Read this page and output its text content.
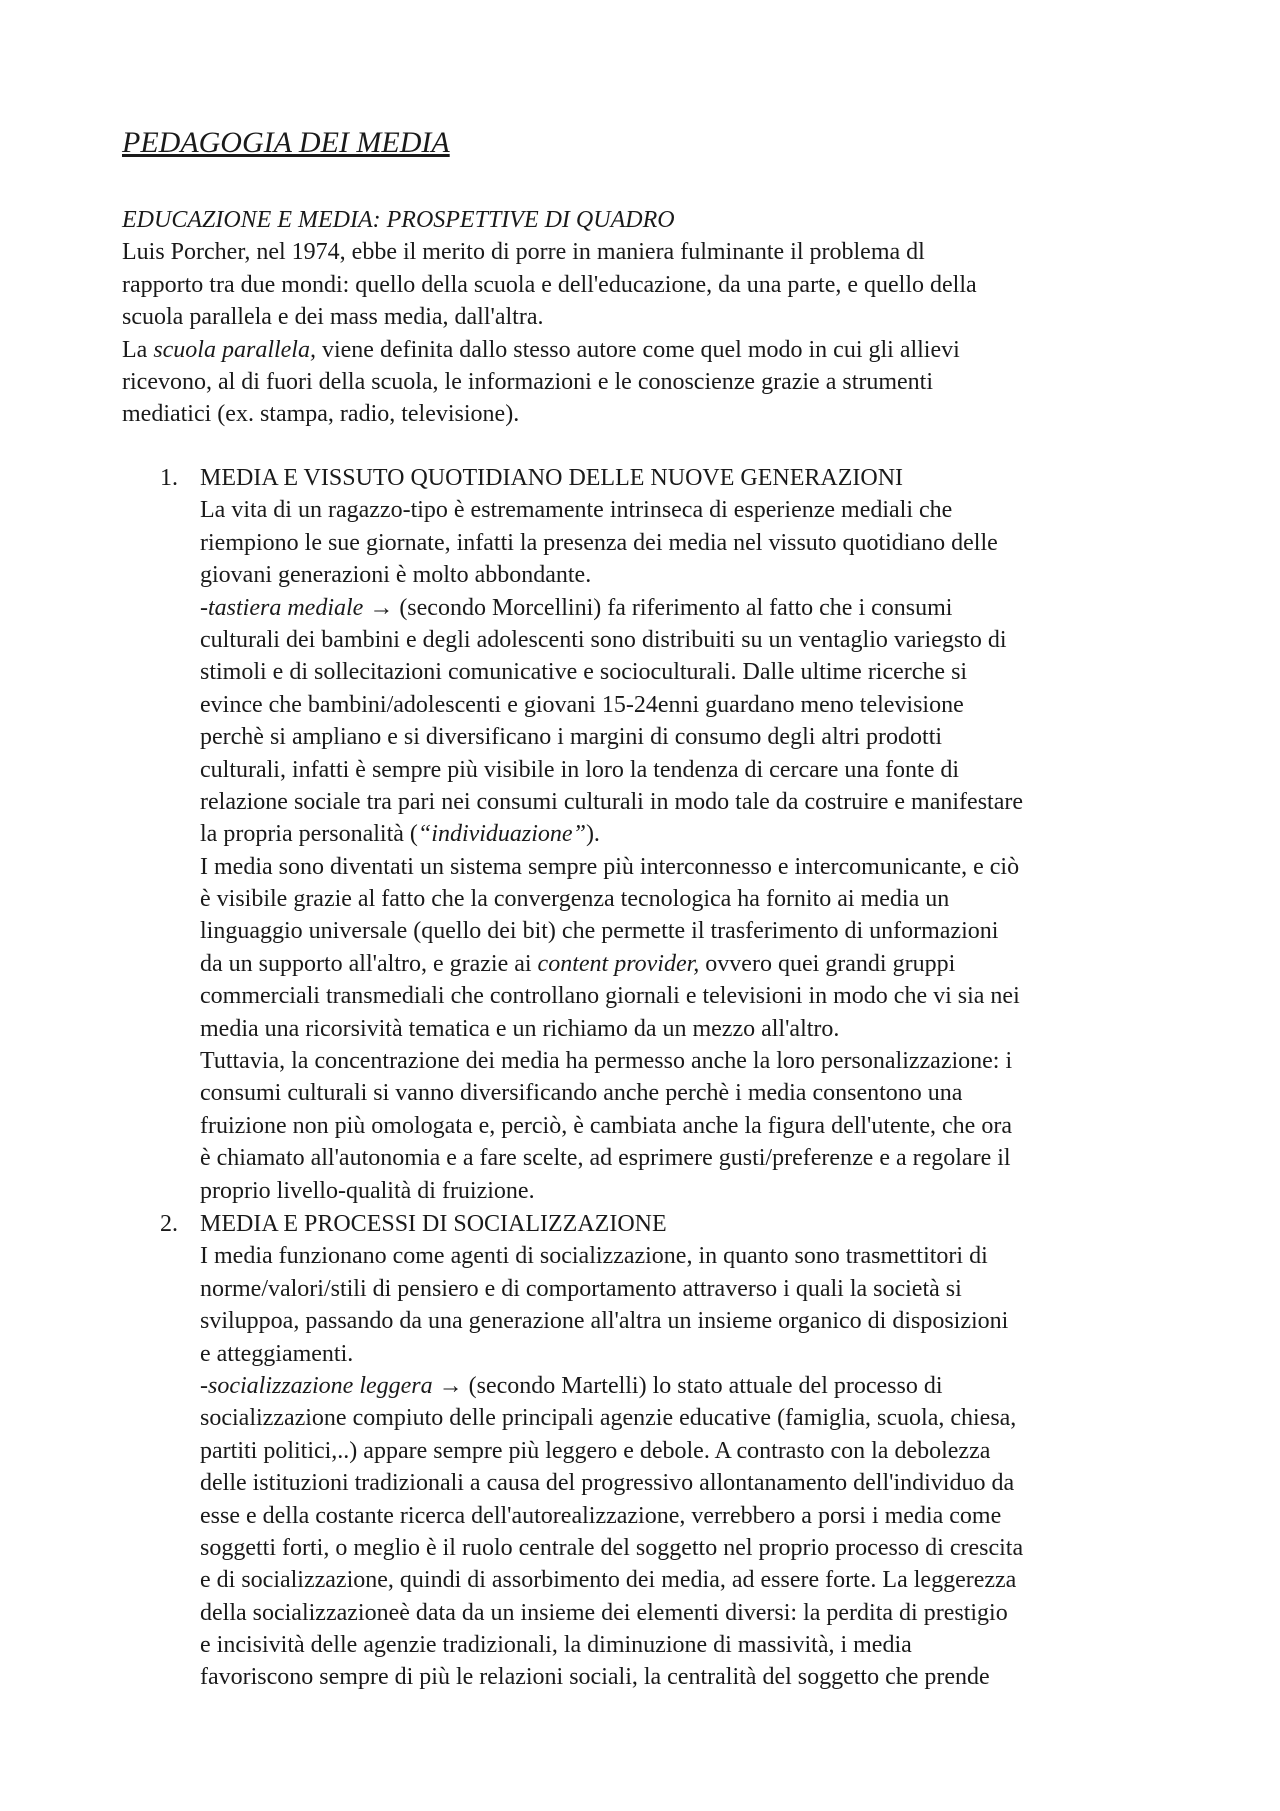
PEDAGOGIA DEI MEDIA
EDUCAZIONE E MEDIA: PROSPETTIVE DI QUADRO
Luis Porcher, nel 1974, ebbe il merito di porre in maniera fulminante il problema dl
rapporto tra due mondi: quello della scuola e dell'educazione, da una parte, e quello della
scuola parallela e dei mass media, dall'altra.
La scuola parallela, viene definita dallo stesso autore come quel modo in cui gli allievi
ricevono, al di fuori della scuola, le informazioni e le conoscienze grazie a strumenti
mediatici (ex. stampa, radio, televisione).
1. MEDIA E VISSUTO QUOTIDIANO DELLE NUOVE GENERAZIONI
La vita di un ragazzo-tipo è estremamente intrinseca di esperienze mediali che
riempiono le sue giornate, infatti la presenza dei media nel vissuto quotidiano delle
giovani generazioni è molto abbondante.
-tastiera mediale → (secondo Morcellini) fa riferimento al fatto che i consumi
culturali dei bambini e degli adolescenti sono distribuiti su un ventaglio variegsto di
stimoli e di sollecitazioni comunicative e socioculturali. Dalle ultime ricerche si
evince che bambini/adolescenti e giovani 15-24enni guardano meno televisione
perchè si ampliano e si diversificano i margini di consumo degli altri prodotti
culturali, infatti è sempre più visibile in loro la tendenza di cercare una fonte di
relazione sociale tra pari nei consumi culturali in modo tale da costruire e manifestare
la propria personalità (“individuazione”).
I media sono diventati un sistema sempre più interconnesso e intercomunicante, e ciò
è visibile grazie al fatto che la convergenza tecnologica ha fornito ai media un
linguaggio universale (quello dei bit) che permette il trasferimento di unformazioni
da un supporto all'altro, e grazie ai content provider, ovvero quei grandi gruppi
commerciali transmediali che controllano giornali e televisioni in modo che vi sia nei
media una ricorsività tematica e un richiamo da un mezzo all'altro.
Tuttavia, la concentrazione dei media ha permesso anche la loro personalizzazione: i
consumi culturali si vanno diversificando anche perchè i media consentono una
fruizione non più omologata e, perciò, è cambiata anche la figura dell'utente, che ora
è chiamato all'autonomia e a fare scelte, ad esprimere gusti/preferenze e a regolare il
proprio livello-qualità di fruizione.
2. MEDIA E PROCESSI DI SOCIALIZZAZIONE
I media funzionano come agenti di socializzazione, in quanto sono trasmettitori di
norme/valori/stili di pensiero e di comportamento attraverso i quali la società si
sviluppoa, passando da una generazione all'altra un insieme organico di disposizioni
e atteggiamenti.
-socializzazione leggera → (secondo Martelli) lo stato attuale del processo di
socializzazione compiuto delle principali agenzie educative (famiglia, scuola, chiesa,
partiti politici,..) appare sempre più leggero e debole. A contrasto con la debolezza
delle istituzioni tradizionali a causa del progressivo allontanamento dell'individuo da
esse e della costante ricerca dell'autorealizzazione, verrebbero a porsi i media come
soggetti forti, o meglio è il ruolo centrale del soggetto nel proprio processo di crescita
e di socializzazione, quindi di assorbimento dei media, ad essere forte. La leggerezza
della socializzazioneè data da un insieme dei elementi diversi: la perdita di prestigio
e incisività delle agenzie tradizionali, la diminuzione di massività, i media
favoriscono sempre di più le relazioni sociali, la centralità del soggetto che prende
